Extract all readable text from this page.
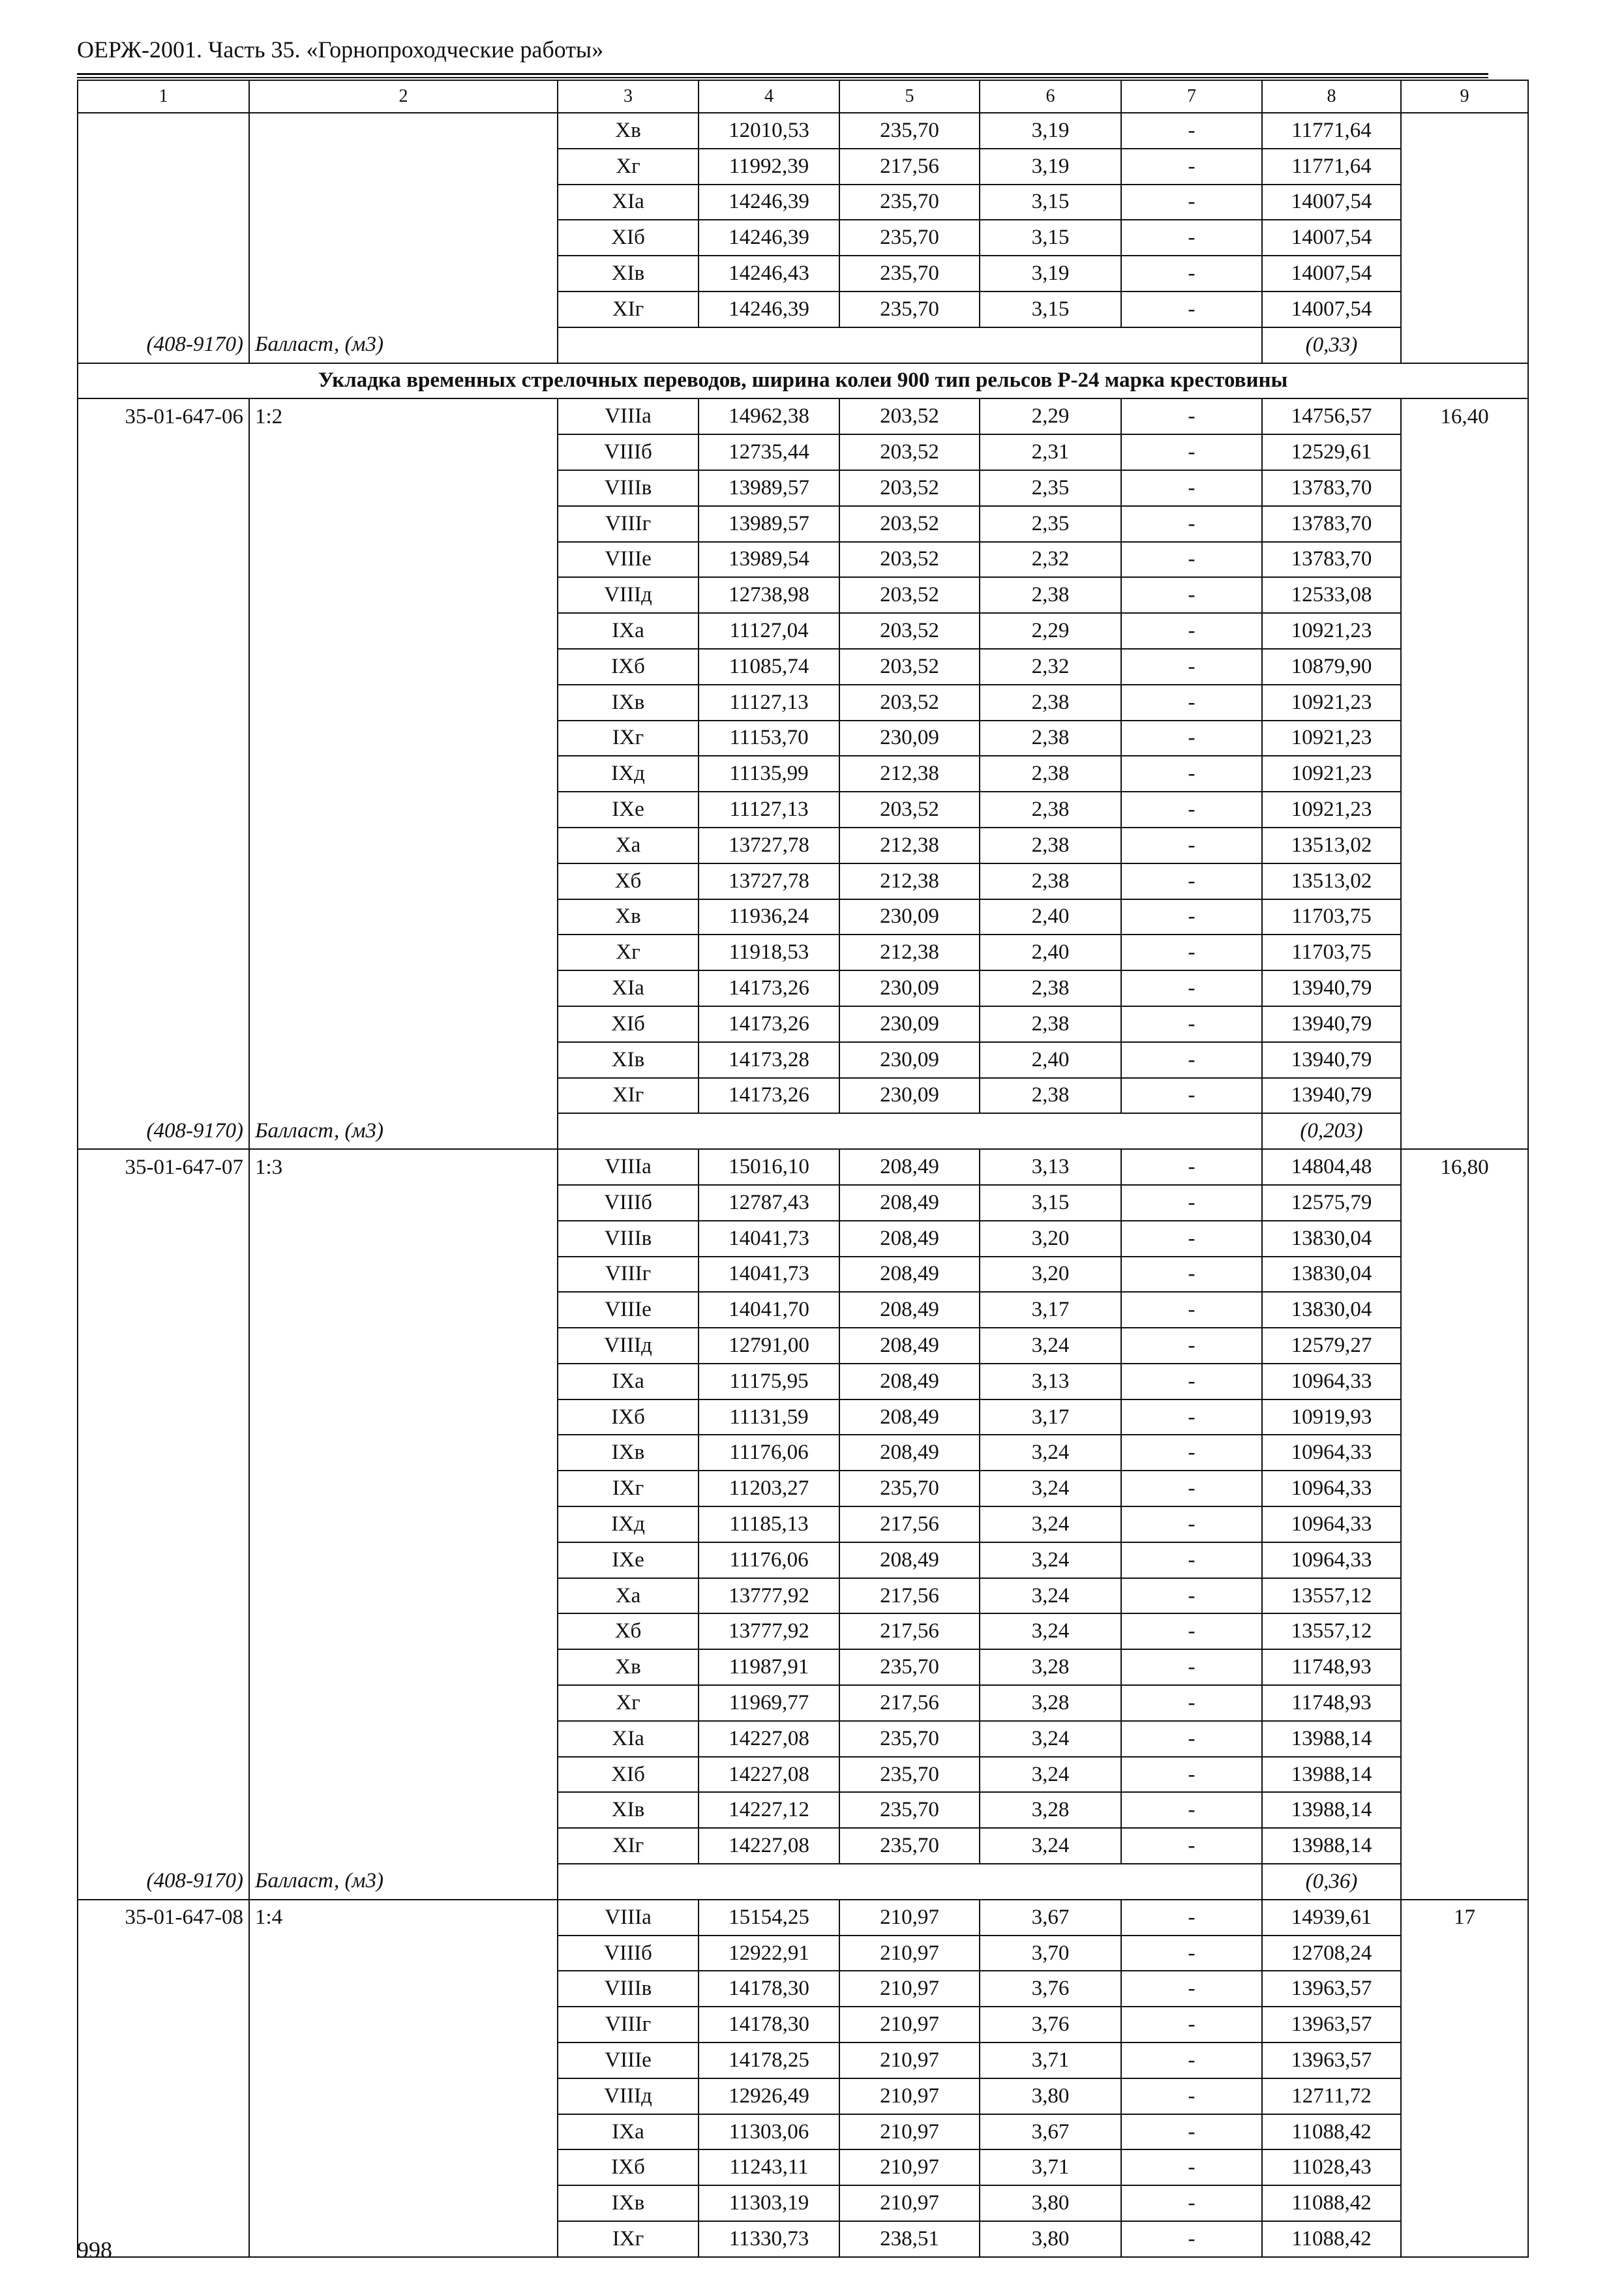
ОЕРЖ-2001. Часть 35. «Горнопроходческие работы»
1	2	3	4	5	6	7	8	9
		Xв	12010,53	235,70	3,19	-	11771,64	
		Xг	11992,39	217,56	3,19	-	11771,64	
		XIа	14246,39	235,70	3,15	-	14007,54	
		XIб	14246,39	235,70	3,15	-	14007,54	
		XIв	14246,43	235,70	3,19	-	14007,54	
		XIг	14246,39	235,70	3,15	-	14007,54	
(408-9170)	Балласт, (м3)						(0,33)	
Укладка временных стрелочных переводов, ширина колеи 900 тип рельсов Р-24 марка крестовины								
35-01-647-06	1:2	VIIIа	14962,38	203,52	2,29	-	14756,57	16,40
		VIIIб	12735,44	203,52	2,31	-	12529,61	
		VIIIв	13989,57	203,52	2,35	-	13783,70	
		VIIIг	13989,57	203,52	2,35	-	13783,70	
		VIIIе	13989,54	203,52	2,32	-	13783,70	
		VIIIд	12738,98	203,52	2,38	-	12533,08	
		IXа	11127,04	203,52	2,29	-	10921,23	
		IXб	11085,74	203,52	2,32	-	10879,90	
		IXв	11127,13	203,52	2,38	-	10921,23	
		IXг	11153,70	230,09	2,38	-	10921,23	
		IXд	11135,99	212,38	2,38	-	10921,23	
		IXе	11127,13	203,52	2,38	-	10921,23	
		Xа	13727,78	212,38	2,38	-	13513,02	
		Xб	13727,78	212,38	2,38	-	13513,02	
		Xв	11936,24	230,09	2,40	-	11703,75	
		Xг	11918,53	212,38	2,40	-	11703,75	
		XIа	14173,26	230,09	2,38	-	13940,79	
		XIб	14173,26	230,09	2,38	-	13940,79	
		XIв	14173,28	230,09	2,40	-	13940,79	
		XIг	14173,26	230,09	2,38	-	13940,79	
(408-9170)	Балласт, (м3)						(0,203)	
35-01-647-07	1:3	VIIIа	15016,10	208,49	3,13	-	14804,48	16,80
		VIIIб	12787,43	208,49	3,15	-	12575,79	
		VIIIв	14041,73	208,49	3,20	-	13830,04	
		VIIIг	14041,73	208,49	3,20	-	13830,04	
		VIIIе	14041,70	208,49	3,17	-	13830,04	
		VIIIд	12791,00	208,49	3,24	-	12579,27	
		IXа	11175,95	208,49	3,13	-	10964,33	
		IXб	11131,59	208,49	3,17	-	10919,93	
		IXв	11176,06	208,49	3,24	-	10964,33	
		IXг	11203,27	235,70	3,24	-	10964,33	
		IXд	11185,13	217,56	3,24	-	10964,33	
		IXе	11176,06	208,49	3,24	-	10964,33	
		Xа	13777,92	217,56	3,24	-	13557,12	
		Xб	13777,92	217,56	3,24	-	13557,12	
		Xв	11987,91	235,70	3,28	-	11748,93	
		Xг	11969,77	217,56	3,28	-	11748,93	
		XIа	14227,08	235,70	3,24	-	13988,14	
		XIб	14227,08	235,70	3,24	-	13988,14	
		XIв	14227,12	235,70	3,28	-	13988,14	
		XIг	14227,08	235,70	3,24	-	13988,14	
(408-9170)	Балласт, (м3)						(0,36)	
35-01-647-08	1:4	VIIIа	15154,25	210,97	3,67	-	14939,61	17
		VIIIб	12922,91	210,97	3,70	-	12708,24	
		VIIIв	14178,30	210,97	3,76	-	13963,57	
		VIIIг	14178,30	210,97	3,76	-	13963,57	
		VIIIе	14178,25	210,97	3,71	-	13963,57	
		VIIIд	12926,49	210,97	3,80	-	12711,72	
		IXа	11303,06	210,97	3,67	-	11088,42	
		IXб	11243,11	210,97	3,71	-	11028,43	
		IXв	11303,19	210,97	3,80	-	11088,42	
		IXг	11330,73	238,51	3,80	-	11088,42	
998
